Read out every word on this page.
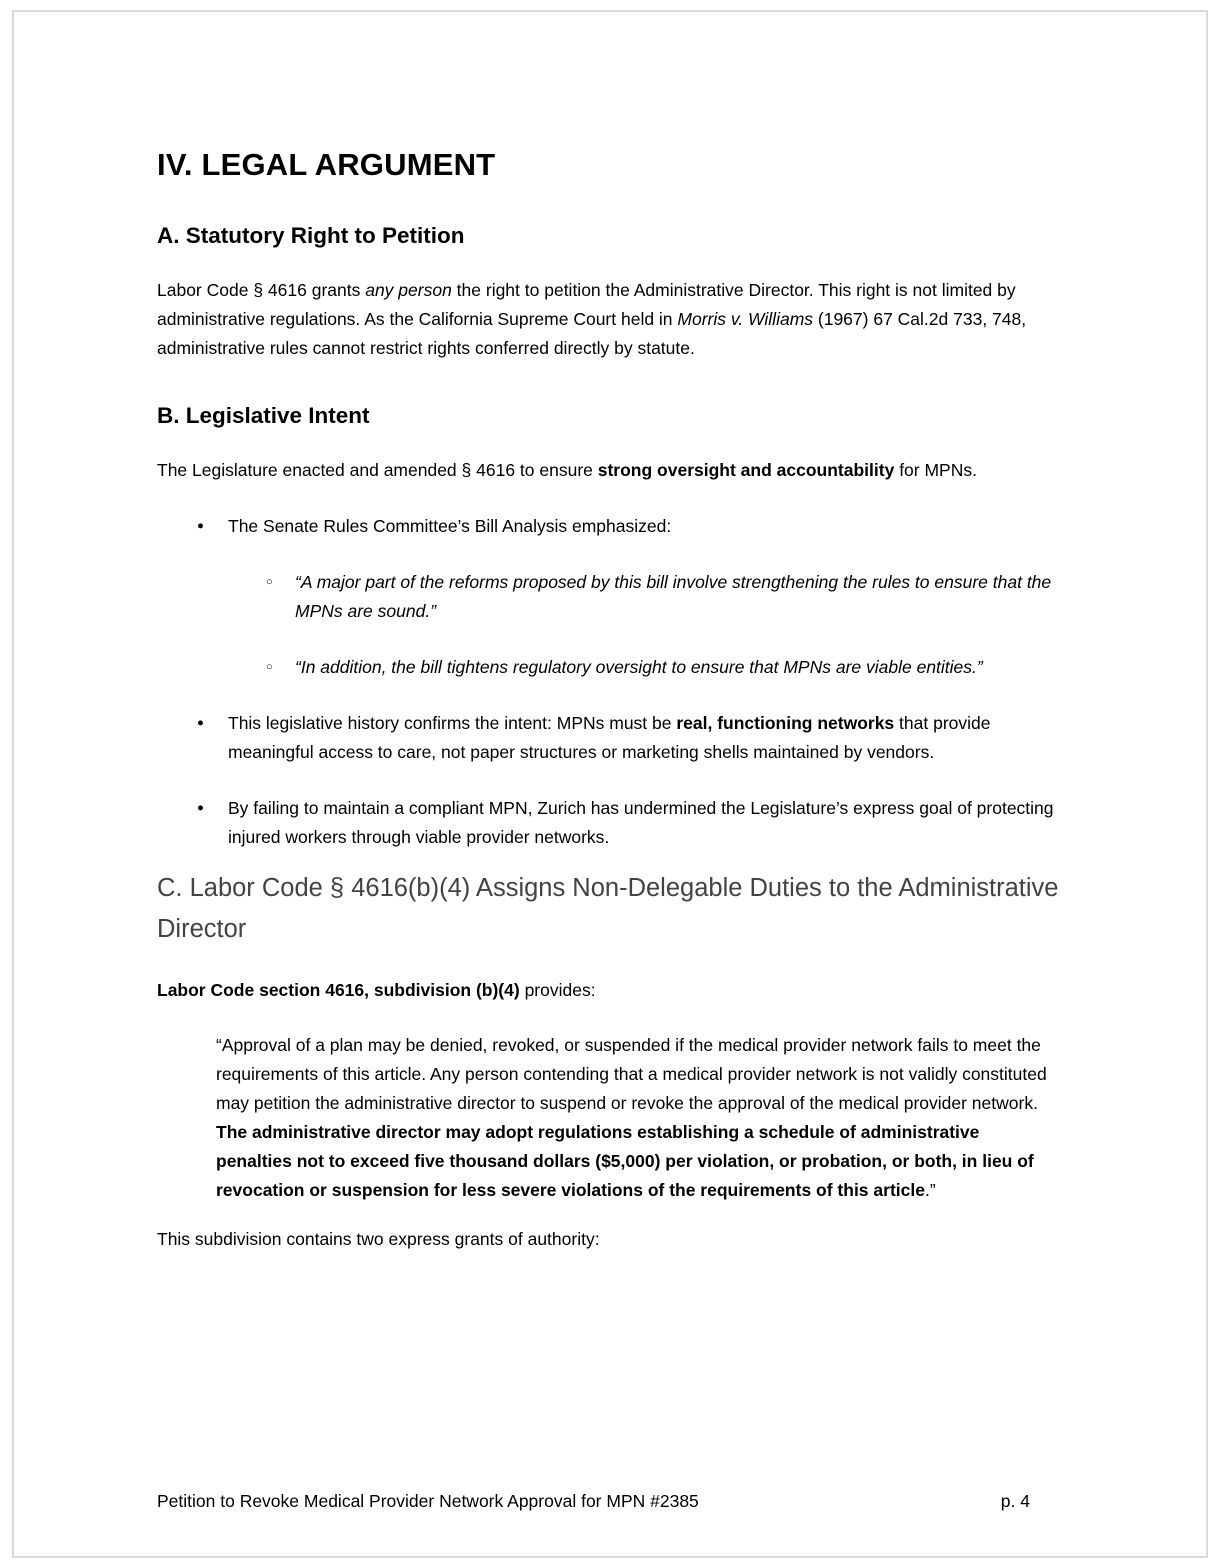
IV. LEGAL ARGUMENT
A. Statutory Right to Petition

Labor Code § 4616 grants any person the right to petition the Administrative Director. This right is not limited by administrative regulations. As the California Supreme Court held in Morris v. Williams (1967) 67 Cal.2d 733, 748, administrative rules cannot restrict rights conferred directly by statute.

B. Legislative Intent

The Legislature enacted and amended § 4616 to ensure strong oversight and accountability for MPNs.

●	The Senate Rules Committee’s Bill Analysis emphasized:
○	“A major part of the reforms proposed by this bill involve strengthening the rules to ensure that the MPNs are sound.”
○	“In addition, the bill tightens regulatory oversight to ensure that MPNs are viable entities.”
●	This legislative history confirms the intent: MPNs must be real, functioning networks that provide meaningful access to care, not paper structures or marketing shells maintained by vendors.
●	By failing to maintain a compliant MPN, Zurich has undermined the Legislature’s express goal of protecting injured workers through viable provider networks.
C. Labor Code § 4616(b)(4) Assigns Non-Delegable Duties to the Administrative Director

Labor Code section 4616, subdivision (b)(4) provides:

“Approval of a plan may be denied, revoked, or suspended if the medical provider network fails to meet the requirements of this article. Any person contending that a medical provider network is not validly constituted may petition the administrative director to suspend or revoke the approval of the medical provider network. The administrative director may adopt regulations establishing a schedule of administrative penalties not to exceed five thousand dollars ($5,000) per violation, or probation, or both, in lieu of revocation or suspension for less severe violations of the requirements of this article.”

This subdivision contains two express grants of authority:

Petition to Revoke Medical Provider Network Approval for MPN #2385	p. 4
